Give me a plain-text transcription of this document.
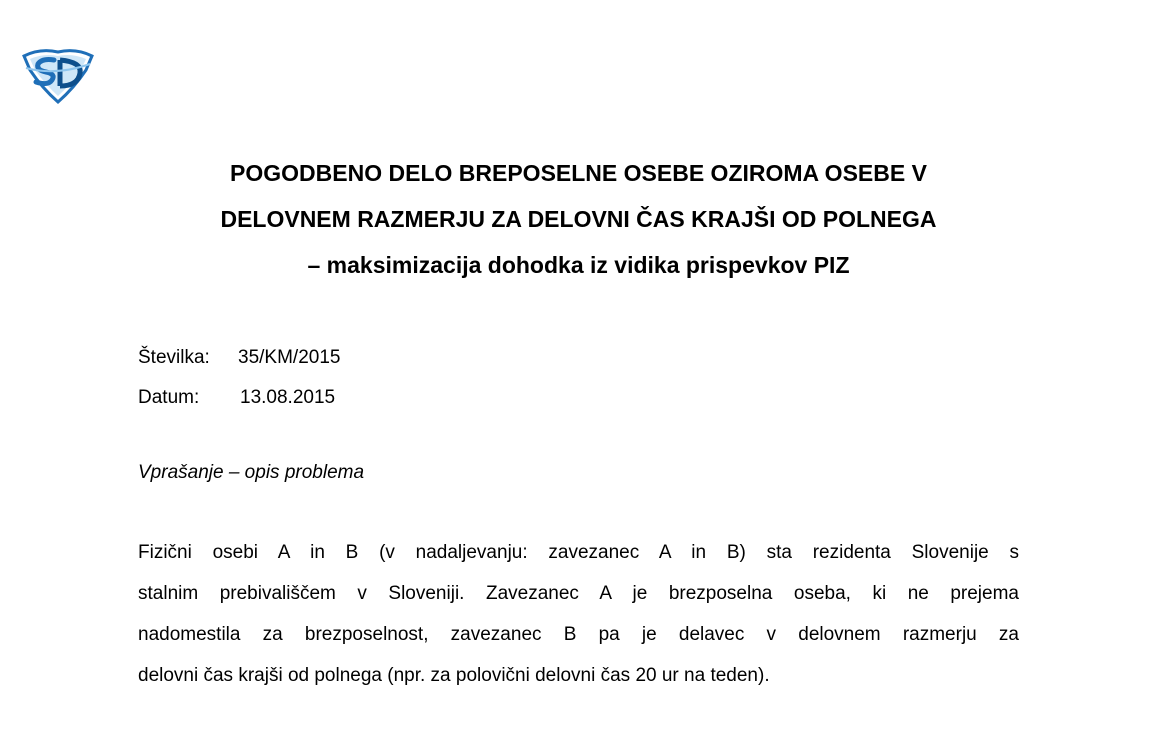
POGODBENO DELO BREPOSELNE OSEBE OZIROMA OSEBE V
DELOVNEM RAZMERJU ZA DELOVNI ČAS KRAJŠI OD POLNEGA
– maksimizacija dohodka iz vidika prispevkov PIZ
Številka: 35/KM/2015
Datum: 13.08.2015
Vprašanje – opis problema
Fizični osebi A in B (v nadaljevanju: zavezanec A in B) sta rezidenta Slovenije s
stalnim prebivališčem v Sloveniji. Zavezanec A je brezposelna oseba, ki ne prejema
nadomestila za brezposelnost, zavezanec B pa je delavec v delovnem razmerju za
delovni čas krajši od polnega (npr. za polovični delovni čas 20 ur na teden).
